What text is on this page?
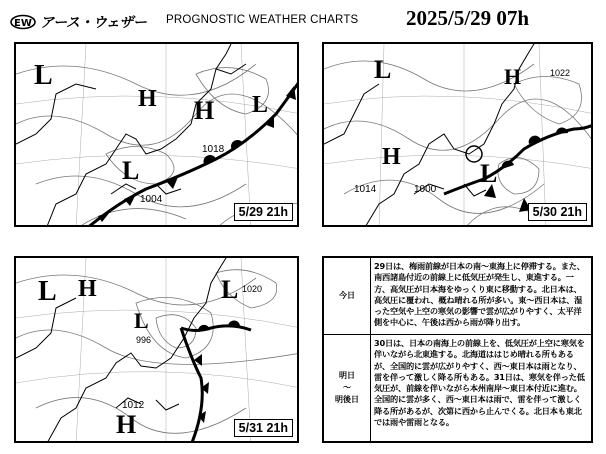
EW アース・ウェザー PROGNOSTIC WEATHER CHARTS 2025/5/29 07h
L
H H L
L
1018
1004
5/29 21h
L	H
H
L
1022
1014	1000
5/30 21h
L H	L
L
H
1020
996
1012
5/31 21h
今日
29日は、梅雨前線が日本の南〜東海上に停滞する。また、南西諸島付近の前線上に低気圧が発生し、東進する。一方、高気圧が日本海をゆっくり東に移動する。北日本は、高気圧に覆われ、概ね晴れる所が多い。東〜西日本は、湿った空気や上空の寒気の影響で雲が広がりやすく、太平洋側を中心に、午後は西から雨が降り出す。
明日
〜
明後日
30日は、日本の南海上の前線上を、低気圧が上空に寒気を伴いながら北東進する。北海道ははじめ晴れる所もあるが、全国的に雲が広がりやすく、西〜東日本は雨となり、雷を伴って激しく降る所もある。31日は、寒気を伴った低気圧が、前線を伴いながら本州南岸〜東日本付近に進む。全国的に雲が多く、西〜東日本は雨で、雷を伴って激しく降る所があるが、次第に西から止んでくる。北日本も東北では雨や雷雨となる。
